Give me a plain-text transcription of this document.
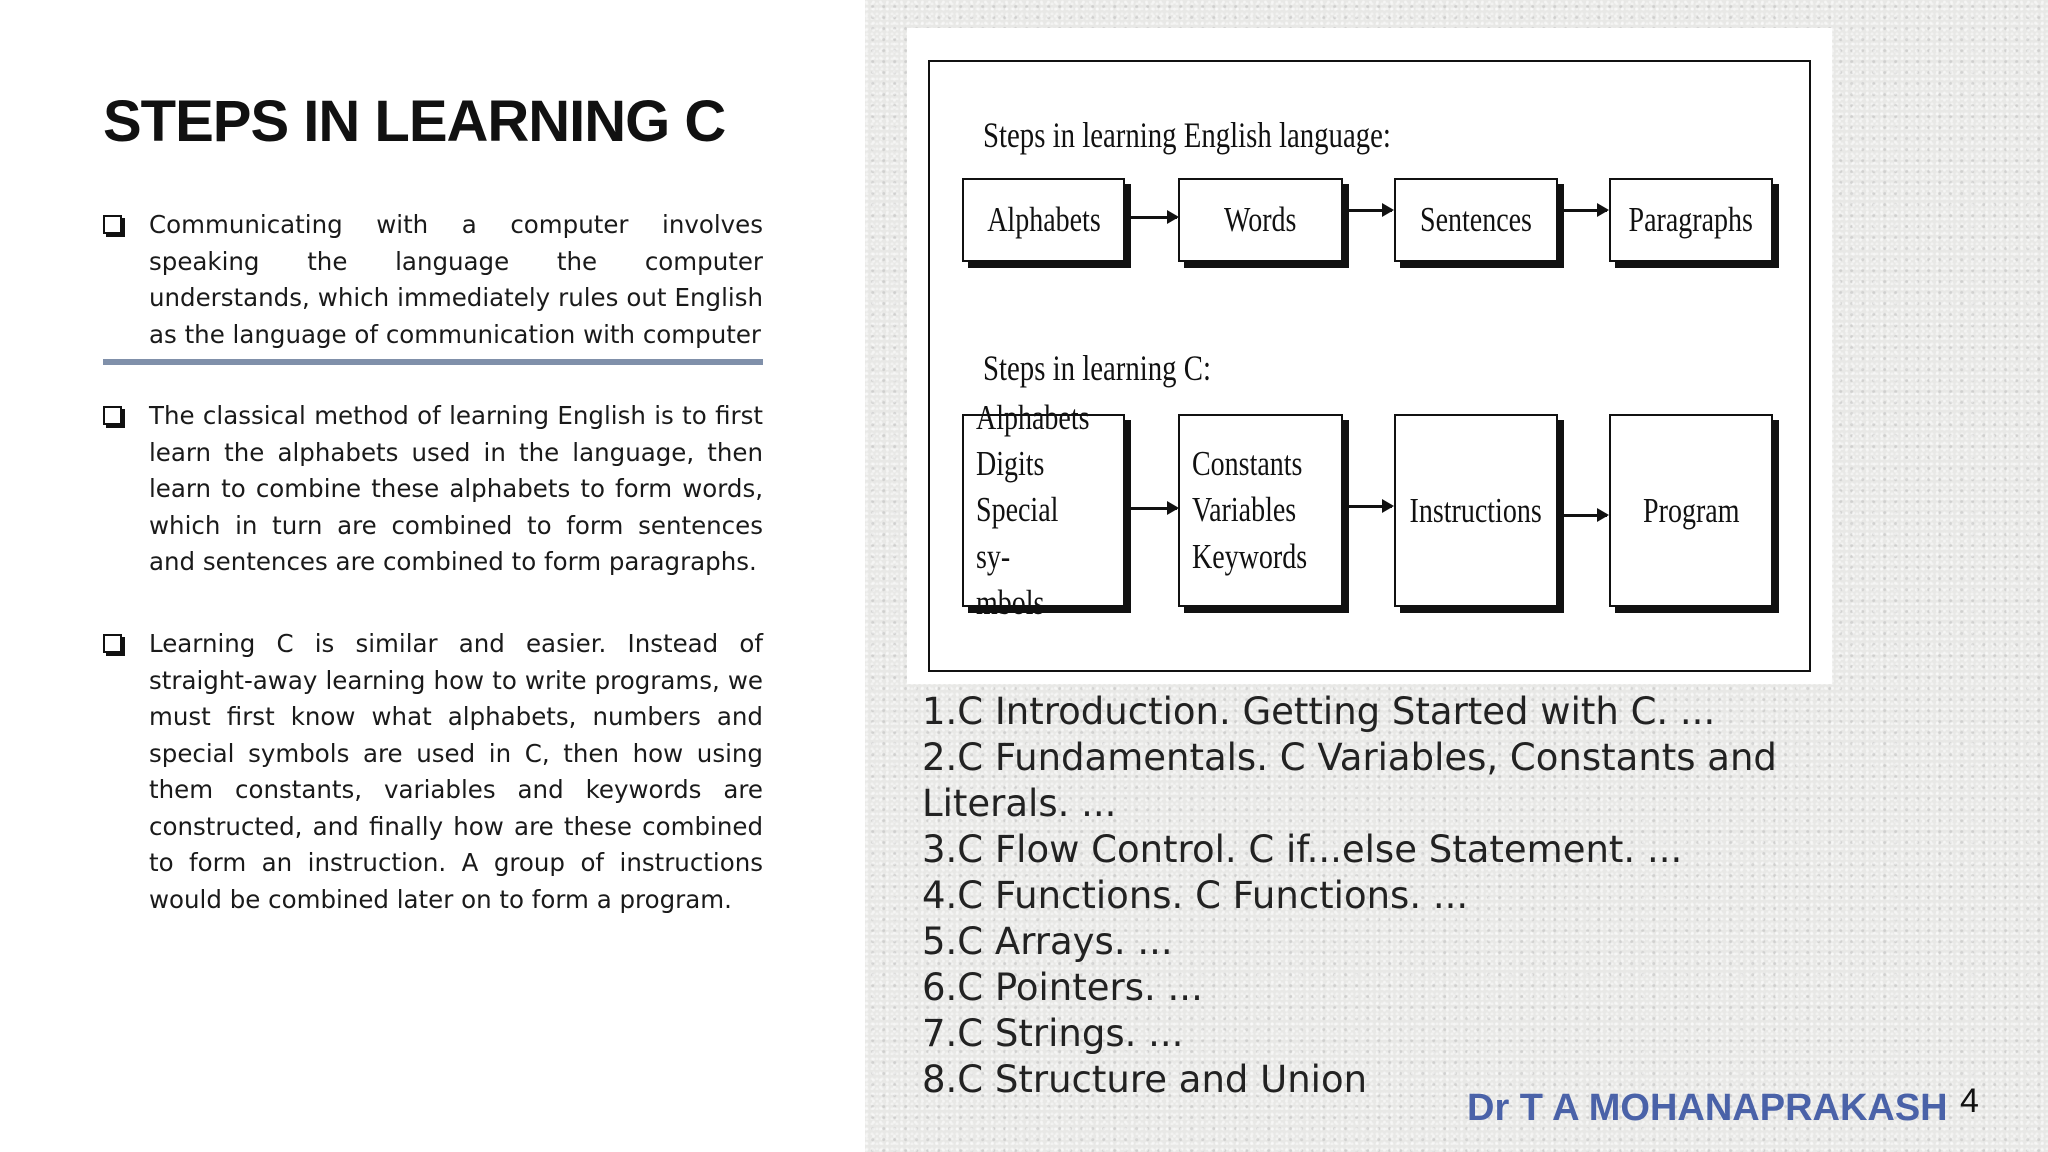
STEPS IN LEARNING C

Communicating with a computer involves speaking the language the computer understands, which immediately rules out English as the language of communication with computer

The classical method of learning English is to first learn the alphabets used in the language, then learn to combine these alphabets to form words, which in turn are combined to form sentences and sentences are combined to form paragraphs.

Learning C is similar and easier. Instead of straight-away learning how to write programs, we must first know what alphabets, numbers and special symbols are used in C, then how using them constants, variables and keywords are constructed, and finally how are these combined to form an instruction. A group of instructions would be combined later on to form a program.

Steps in learning English language:
Alphabets	Words	Sentences	Paragraphs
Steps in learning C:
Alphabets
Digits
Special sy-
mbols
Constants
Variables
Keywords
Instructions	Program
1.C Introduction. Getting Started with C. ...
2.C Fundamentals. C Variables, Constants and Literals. ...
3.C Flow Control. C if...else Statement. ...
4.C Functions. C Functions. ...
5.C Arrays. ...
6.C Pointers. ...
7.C Strings. ...
8.C Structure and Union
Dr T A MOHANAPRAKASH 4
